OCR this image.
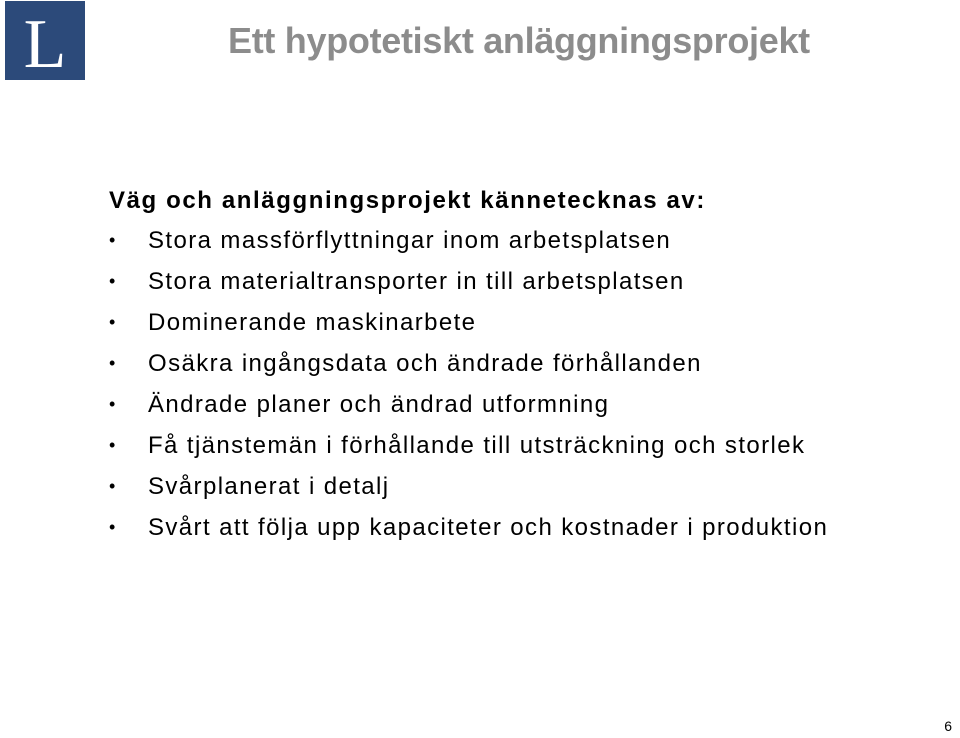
L	Ett hypotetiskt anläggningsprojekt
Väg och anläggningsprojekt kännetecknas av:
• Stora massförflyttningar inom arbetsplatsen
• Stora materialtransporter in till arbetsplatsen
• Dominerande maskinarbete
• Osäkra ingångsdata och ändrade förhållanden
• Ändrade planer och ändrad utformning
• Få tjänstemän i förhållande till utsträckning och storlek
• Svårplanerat i detalj
• Svårt att följa upp kapaciteter och kostnader i produktion
6
